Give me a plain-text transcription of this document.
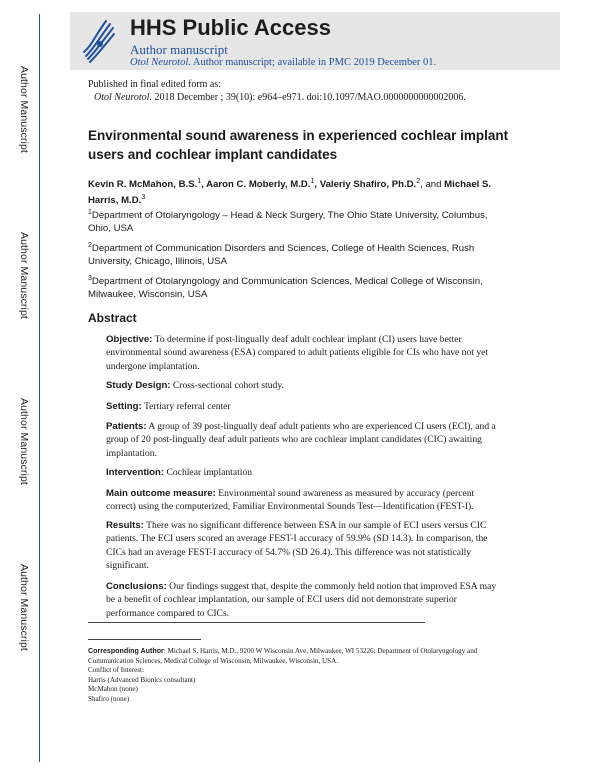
Author Manuscript
Author Manuscript
Author Manuscript
Author Manuscript
HHS Public Access
Author manuscript
Otol Neurotol. Author manuscript; available in PMC 2019 December 01.
Published in final edited form as:
Otol Neurotol. 2018 December ; 39(10): e964–e971. doi:10.1097/MAO.0000000000002006.
Environmental sound awareness in experienced cochlear implant users and cochlear implant candidates
Kevin R. McMahon, B.S.$^1$, Aaron C. Moberly, M.D.$^1$, Valeriy Shafiro, Ph.D.$^2$, and Michael S. Harris, M.D.$^3$
$^1$Department of Otolaryngology – Head & Neck Surgery, The Ohio State University, Columbus, Ohio, USA
$^2$Department of Communication Disorders and Sciences, College of Health Sciences, Rush University, Chicago, Illinois, USA
$^3$Department of Otolaryngology and Communication Sciences, Medical College of Wisconsin, Milwaukee, Wisconsin, USA
Abstract
Objective: To determine if post-lingually deaf adult cochlear implant (CI) users have better environmental sound awareness (ESA) compared to adult patients eligible for CIs who have not yet undergone implantation.
Study Design: Cross-sectional cohort study.
Setting: Tertiary referral center
Patients: A group of 39 post-lingually deaf adult patients who are experienced CI users (ECI), and a group of 20 post-lingually deaf adult patients who are cochlear implant candidates (CIC) awaiting implantation.
Intervention: Cochlear implantation
Main outcome measure: Environmental sound awareness as measured by accuracy (percent correct) using the computerized, Familiar Environmental Sounds Test—Identification (FEST-I).
Results: There was no significant difference between ESA in our sample of ECI users versus CIC patients. The ECI users scored an average FEST-I accuracy of 59.9% (SD 14.3). In comparison, the CICs had an average FEST-I accuracy of 54.7% (SD 26.4). This difference was not statistically significant.
Conclusions: Our findings suggest that, despite the commonly held notion that improved ESA may be a benefit of cochlear implantation, our sample of ECI users did not demonstrate superior performance compared to CICs.
Corresponding Author: Michael S. Harris, M.D., 9200 W Wisconsin Ave, Milwaukee, WI 53226; Department of Otolaryngology and Communication Sciences, Medical College of Wisconsin, Milwaukee, Wisconsin, USA.
Conflict of Interest:
Harris (Advanced Bionics consultant)
McMahon (none)
Shafiro (none)
